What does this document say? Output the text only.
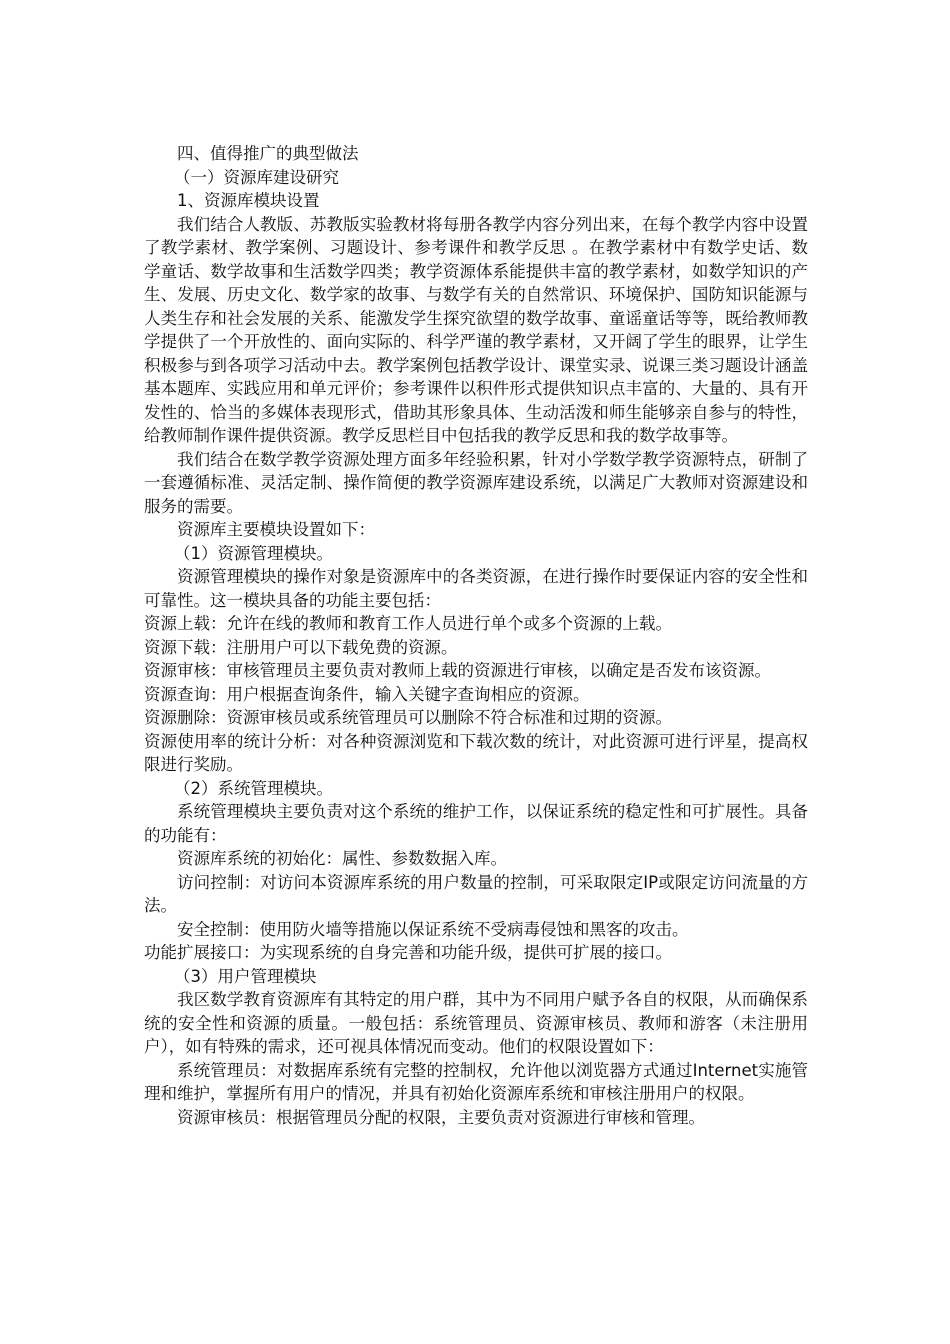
四、值得推广的典型做法

（一）资源库建设研究

1、资源库模块设置

我们结合人教版、苏教版实验教材将每册各教学内容分列出来，在每个教学内容中设置了教学素材、教学案例、习题设计、参考课件和教学反思 。在教学素材中有数学史话、数学童话、数学故事和生活数学四类；教学资源体系能提供丰富的教学素材，如数学知识的产生、发展、历史文化、数学家的故事、与数学有关的自然常识、环境保护、国防知识能源与人类生存和社会发展的关系、能激发学生探究欲望的数学故事、童谣童话等等，既给教师教学提供了一个开放性的、面向实际的、科学严谨的教学素材，又开阔了学生的眼界，让学生积极参与到各项学习活动中去。教学案例包括教学设计、课堂实录、说课三类习题设计涵盖基本题库、实践应用和单元评价；参考课件以积件形式提供知识点丰富的、大量的、具有开发性的、恰当的多媒体表现形式，借助其形象具体、生动活泼和师生能够亲自参与的特性，给教师制作课件提供资源。教学反思栏目中包括我的教学反思和我的数学故事等。

我们结合在数学教学资源处理方面多年经验积累，针对小学数学教学资源特点，研制了一套遵循标准、灵活定制、操作简便的教学资源库建设系统，以满足广大教师对资源建设和服务的需要。

资源库主要模块设置如下：

（1）资源管理模块。

资源管理模块的操作对象是资源库中的各类资源，在进行操作时要保证内容的安全性和可靠性。这一模块具备的功能主要包括：

资源上载：允许在线的教师和教育工作人员进行单个或多个资源的上载。

资源下载：注册用户可以下载免费的资源。

资源审核：审核管理员主要负责对教师上载的资源进行审核，以确定是否发布该资源。

资源查询：用户根据查询条件，输入关键字查询相应的资源。

资源删除：资源审核员或系统管理员可以删除不符合标准和过期的资源。

资源使用率的统计分析：对各种资源浏览和下载次数的统计，对此资源可进行评星，提高权限进行奖励。

（2）系统管理模块。

系统管理模块主要负责对这个系统的维护工作，以保证系统的稳定性和可扩展性。具备的功能有：

资源库系统的初始化：属性、参数数据入库。

访问控制：对访问本资源库系统的用户数量的控制，可采取限定IP或限定访问流量的方法。

安全控制：使用防火墙等措施以保证系统不受病毒侵蚀和黑客的攻击。

功能扩展接口：为实现系统的自身完善和功能升级，提供可扩展的接口。

（3）用户管理模块

我区数学教育资源库有其特定的用户群，其中为不同用户赋予各自的权限，从而确保系统的安全性和资源的质量。一般包括：系统管理员、资源审核员、教师和游客（未注册用户），如有特殊的需求，还可视具体情况而变动。他们的权限设置如下：

系统管理员：对数据库系统有完整的控制权，允许他以浏览器方式通过Internet实施管理和维护，掌握所有用户的情况，并具有初始化资源库系统和审核注册用户的权限。

资源审核员：根据管理员分配的权限，主要负责对资源进行审核和管理。
